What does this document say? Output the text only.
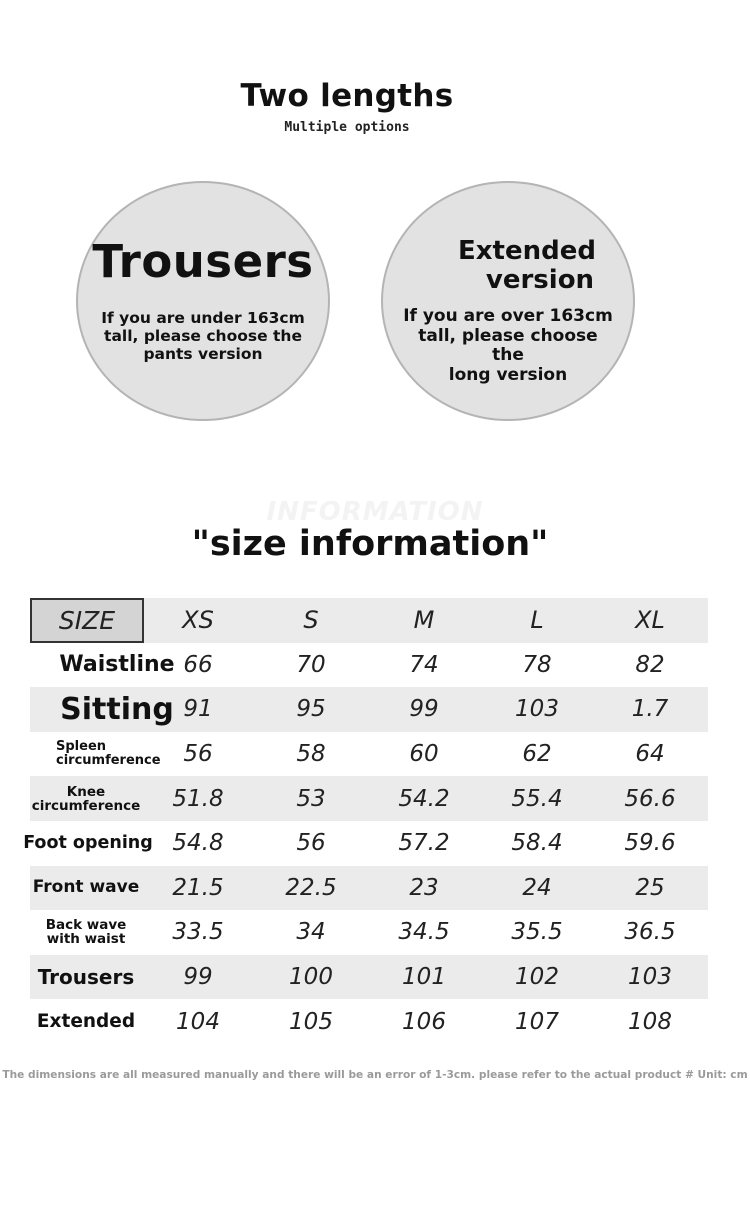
Two lengths
Multiple options
Trousers
If you are under 163cm
tall, please choose the
pants version
Extended
version
If you are over 163cm
tall, please choose the
long version
INFORMATION
"size information"
SIZE	XS	S	M	L	XL
Waistline 66	70	74	78	82
Sitting 91	95	99	103	1.7
Spleen circumference 56	58	60	62	64
Knee circumference	51.8	53	54.2	55.4	56.6
Foot opening 54.8	56	57.2	58.4	59.6
Front wave	21.5	22.5	23	24	25
Back wave with waist	33.5	34	34.5	35.5	36.5
Trousers	99	100	101	102	103
Extended	104	105	106	107	108
The dimensions are all measured manually and there will be an error of 1-3cm. please refer to the actual product # Unit: cm
